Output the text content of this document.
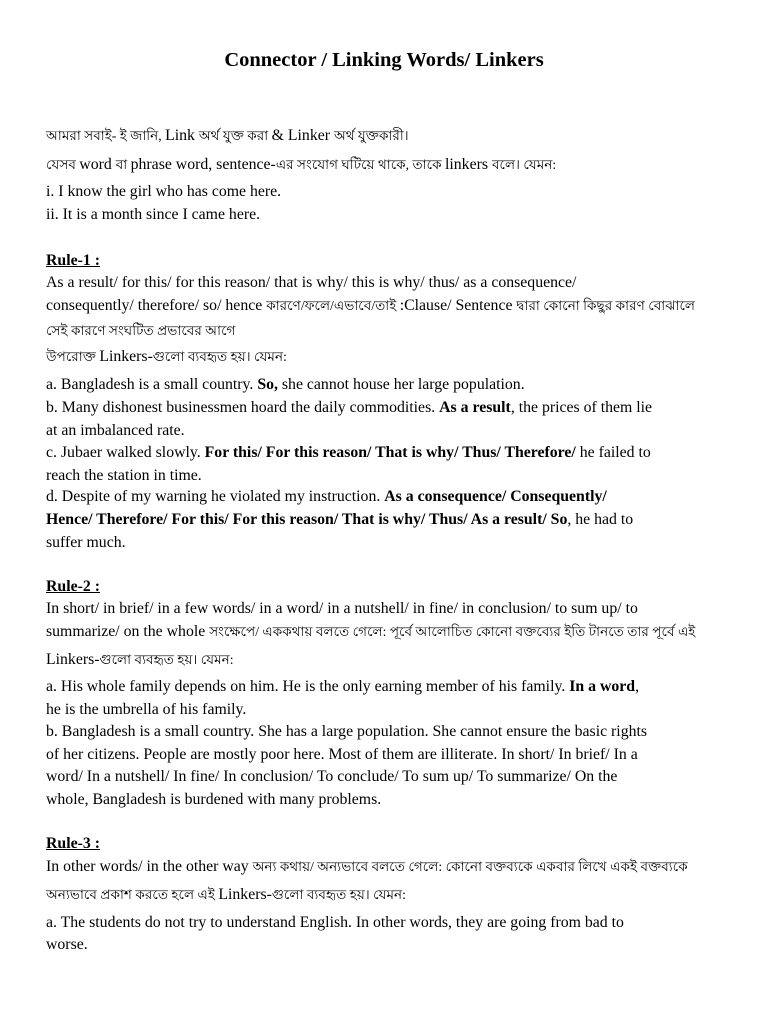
Connector / Linking Words/ Linkers
আমরা সবাই- ই জানি, Link অর্থ যুক্ত করা & Linker অর্থ যুক্তকারী।
যেসব word বা phrase word, sentence-এর সংযোগ ঘটিয়ে থাকে, তাকে linkers বলে। যেমন:
i. I know the girl who has come here.
ii. It is a month since I came here.
Rule-1 :
As a result/ for this/ for this reason/ that is why/ this is why/ thus/ as a consequence/
consequently/ therefore/ so/ hence কারণে/ফলে/এভাবে/তাই :Clause/ Sentence দ্বারা কোনো কিছুর কারণ বোঝালে
সেই কারণে সংঘটিত প্রভাবের আগে
উপরোক্ত Linkers-গুলো ব্যবহৃত হয়। যেমন:
a. Bangladesh is a small country. So, she cannot house her large population.
b. Many dishonest businessmen hoard the daily commodities. As a result, the prices of them lie
at an imbalanced rate.
c. Jubaer walked slowly. For this/ For this reason/ That is why/ Thus/ Therefore/ he failed to
reach the station in time.
d. Despite of my warning he violated my instruction. As a consequence/ Consequently/
Hence/ Therefore/ For this/ For this reason/ That is why/ Thus/ As a result/ So, he had to
suffer much.
Rule-2 :
In short/ in brief/ in a few words/ in a word/ in a nutshell/ in fine/ in conclusion/ to sum up/ to
summarize/ on the whole সংক্ষেপে/ এককথায় বলতে গেলে: পূর্বে আলোচিত কোনো বক্তব্যের ইতি টানতে তার পূর্বে এই
Linkers-গুলো ব্যবহৃত হয়। যেমন:
a. His whole family depends on him. He is the only earning member of his family. In a word,
he is the umbrella of his family.
b. Bangladesh is a small country. She has a large population. She cannot ensure the basic rights
of her citizens. People are mostly poor here. Most of them are illiterate. In short/ In brief/ In a
word/ In a nutshell/ In fine/ In conclusion/ To conclude/ To sum up/ To summarize/ On the
whole, Bangladesh is burdened with many problems.
Rule-3 :
In other words/ in the other way অন্য কথায়/ অন্যভাবে বলতে গেলে: কোনো বক্তব্যকে একবার লিখে একই বক্তব্যকে
অন্যভাবে প্রকাশ করতে হলে এই Linkers-গুলো ব্যবহৃত হয়। যেমন:
a. The students do not try to understand English. In other words, they are going from bad to
worse.
